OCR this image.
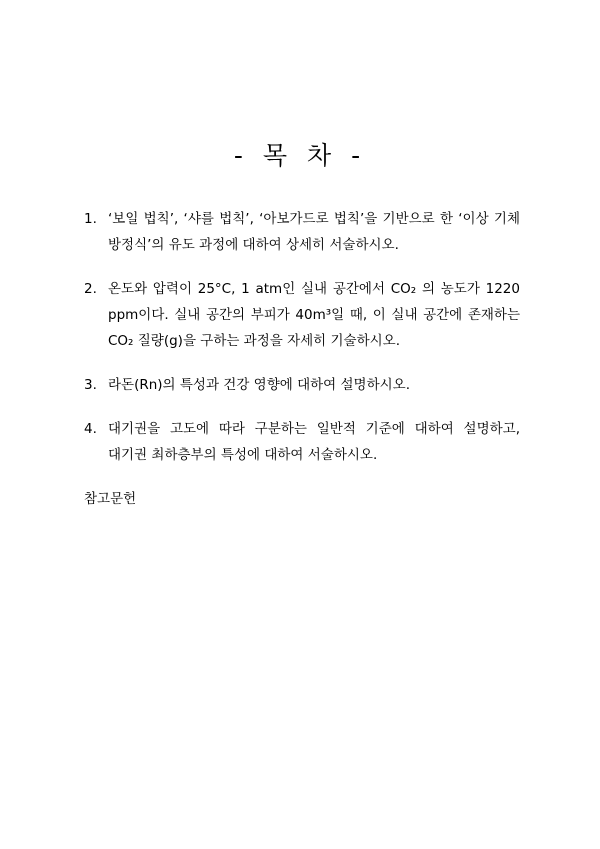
- 목 차 -
1. ‘보일 법칙’, ‘샤를 법칙’, ‘아보가드로 법칙’을 기반으로 한 ‘이상 기체 방정식’의 유도 과정에 대하여 상세히 서술하시오.
2. 온도와 압력이 25°C, 1 atm인 실내 공간에서 CO₂ 의 농도가 1220 ppm이다. 실내 공간의 부피가 40m³일 때, 이 실내 공간에 존재하는 CO₂ 질량(g)을 구하는 과정을 자세히 기술하시오.
3. 라돈(Rn)의 특성과 건강 영향에 대하여 설명하시오.
4. 대기권을 고도에 따라 구분하는 일반적 기준에 대하여 설명하고, 대기권 최하층부의 특성에 대하여 서술하시오.
참고문헌
